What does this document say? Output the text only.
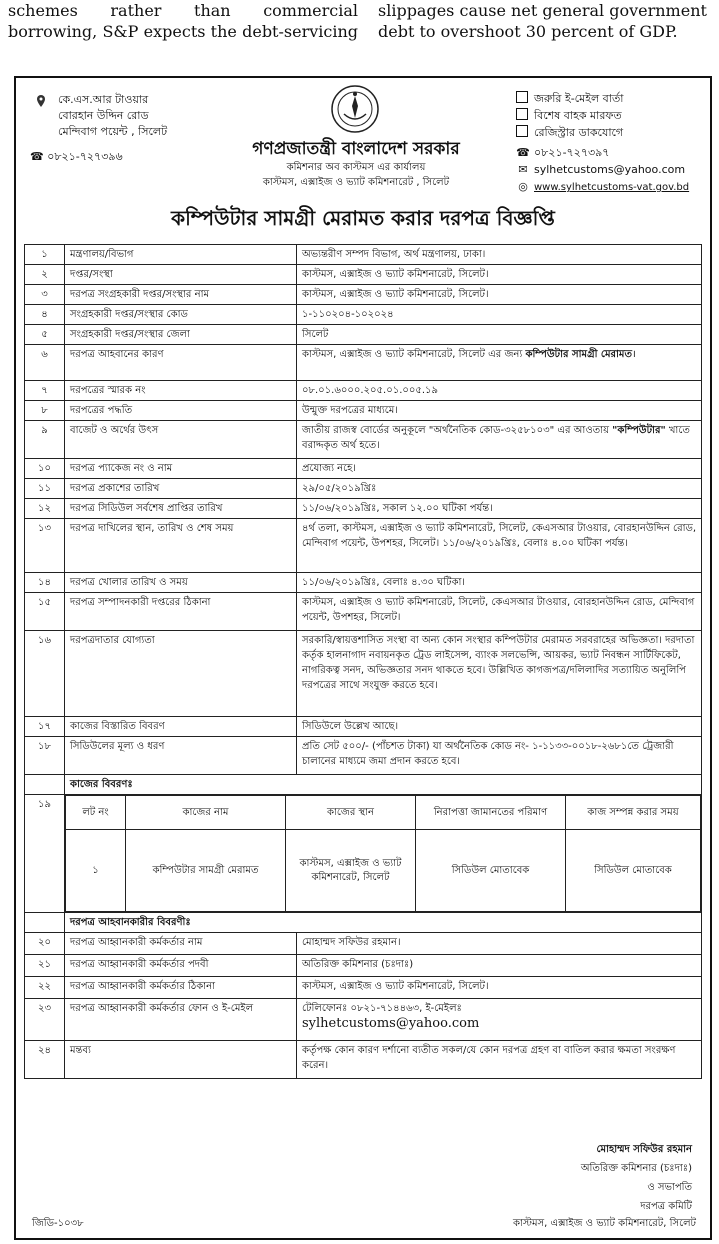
schemes rather than commercial
borrowing, S&P expects the debt-servicing
slippages cause net general government
debt to overshoot 30 percent of GDP.
কে.এস.আর টাওয়ার
বোরহান উদ্দিন রোড
মেন্দিবাগ পয়েন্ট , সিলেট
☎ ০৮২১-৭২৭৩৯৬	গণপ্রজাতন্ত্রী বাংলাদেশ সরকার
কমিশনার অব কাস্টমস এর কার্যালয়
কাস্টমস, এক্সাইজ ও ভ্যাট কমিশনারেট , সিলেট
জরুরি ই-মেইল বার্তা
বিশেষ বাহক মারফত
রেজিস্ট্রার ডাকযোগে
☎ ০৮২১-৭২৭৩৯৭
✉ sylhetcustoms@yahoo.com
◎ www.sylhetcustoms-vat.gov.bd
কম্পিউটার সামগ্রী মেরামত করার দরপত্র বিজ্ঞপ্তি
১	মন্ত্রণালয়/বিভাগ	অভ্যন্তরীণ সম্পদ বিভাগ, অর্থ মন্ত্রণালয়, ঢাকা।
২	দপ্তর/সংস্থা	কাস্টমস, এক্সাইজ ও ভ্যাট কমিশনারেট, সিলেট।
৩	দরপত্র সংগ্রহকারী দপ্তর/সংস্থার নাম	কাস্টমস, এক্সাইজ ও ভ্যাট কমিশনারেট, সিলেট।
৪	সংগ্রহকারী দপ্তর/সংস্থার কোড	১-১১০২০৪-১০২০২৪
৫	সংগ্রহকারী দপ্তর/সংস্থার জেলা	সিলেট
৬	দরপত্র আহবানের কারণ	কাস্টমস, এক্সাইজ ও ভ্যাট কমিশনারেট, সিলেট এর জন্য কম্পিউটার সামগ্রী মেরামত।
৭	দরপত্রের স্মারক নং	০৮.০১.৬০০০.২০৫.০১.০০৫.১৯
৮	দরপত্রের পদ্ধতি	উন্মুক্ত দরপত্রের মাধ্যমে।
৯	বাজেট ও অর্থের উৎস	জাতীয় রাজস্ব বোর্ডের অনুকূলে "অর্থনৈতিক কোড-৩২৫৮১০৩" এর আওতায় "কম্পিউটার" খাতে বরাদ্দকৃত অর্থ হতে।
১০	দরপত্র প্যাকেজ নং ও নাম	প্রযোজ্য নহে।
১১	দরপত্র প্রকাশের তারিখ	২৯/০৫/২০১৯খ্রিঃ
১২	দরপত্র সিডিউল সর্বশেষ প্রাপ্তির তারিখ	১১/০৬/২০১৯খ্রিঃ, সকাল ১২.০০ ঘটিকা পর্যন্ত।
১৩	দরপত্র দাখিলের স্থান, তারিখ ও শেষ সময়	৪র্থ তলা, কাস্টমস, এক্সাইজ ও ভ্যাট কমিশনারেট, সিলেট, কেএসআর টাওয়ার, বোরহানউদ্দিন রোড, মেন্দিবাগ পয়েন্ট, উপশহর, সিলেট। ১১/০৬/২০১৯খ্রিঃ, বেলাঃ ৪.০০ ঘটিকা পর্যন্ত।
১৪	দরপত্র খোলার তারিখ ও সময়	১১/০৬/২০১৯খ্রিঃ, বেলাঃ ৪.৩০ ঘটিকা।
১৫	দরপত্র সম্পাদনকারী দপ্তরের ঠিকানা	কাস্টমস, এক্সাইজ ও ভ্যাট কমিশনারেট, সিলেট, কেএসআর টাওয়ার, বোরহানউদ্দিন রোড, মেন্দিবাগ পয়েন্ট, উপশহর, সিলেট।
১৬	দরপত্রদাতার যোগ্যতা	সরকারি/স্বায়ত্তশাসিত সংস্থা বা অন্য কোন সংস্থার কম্পিউটার মেরামত সরবরাহের অভিজ্ঞতা। দরদাতা কর্তৃক হালনাগাদ নবায়নকৃত ট্রেড লাইসেন্স, ব্যাংক সলভেন্সি, আয়কর, ভ্যাট নিবন্ধন সার্টিফিকেট, নাগরিকত্ব সনদ, অভিজ্ঞতার সনদ থাকতে হবে। উল্লিখিত কাগজপত্র/দলিলাদির সত্যায়িত অনুলিপি দরপত্রের সাথে সংযুক্ত করতে হবে।
১৭	কাজের বিস্তারিত বিবরণ	সিডিউলে উল্লেখ আছে।
১৮	সিডিউলের মূল্য ও ধরণ	প্রতি সেট ৫০০/- (পাঁচশত টাকা) যা অর্থনৈতিক কোড নং- ১-১১৩৩-০০১৮-২৬৮১তে ট্রেজারী চালানের মাধ্যমে জমা প্রদান করতে হবে।
	কাজের বিবরণঃ
১৯	
লট নং	কাজের নাম	কাজের স্থান	নিরাপত্তা জামানতের পরিমাণ	কাজ সম্পন্ন করার সময়
১	কম্পিউটার সামগ্রী মেরামত	কাস্টমস, এক্সাইজ ও ভ্যাট কমিশনারেট, সিলেট	সিডিউল মোতাবেক	সিডিউল মোতাবেক

	দরপত্র আহবানকারীর বিবরণীঃ
২০	দরপত্র আহ্বানকারী কর্মকর্তার নাম	মোহাম্মদ সফিউর রহমান।
২১	দরপত্র আহ্বানকারী কর্মকর্তার পদবী	অতিরিক্ত কমিশনার (চঃদাঃ)
২২	দরপত্র আহ্বানকারী কর্মকর্তার ঠিকানা	কাস্টমস, এক্সাইজ ও ভ্যাট কমিশনারেট, সিলেট।
২৩	দরপত্র আহ্বানকারী কর্মকর্তার ফোন ও ই-মেইল	টেলিফোনঃ ০৮২১-৭১৪৪৬৩, ই-মেইলঃ
sylhetcustoms@yahoo.com

২৪	মন্তব্য	কর্তৃপক্ষ কোন কারণ দর্শানো ব্যতীত সকল/যে কোন দরপত্র গ্রহণ বা বাতিল করার ক্ষমতা সংরক্ষণ করেন।
মোহাম্মদ সফিউর রহমান
অতিরিক্ত কমিশনার (চঃদাঃ)
ও সভাপতি
দরপত্র কমিটি
জিডি-১০৩৮	কাস্টমস, এক্সাইজ ও ভ্যাট কমিশনারেট, সিলেট
